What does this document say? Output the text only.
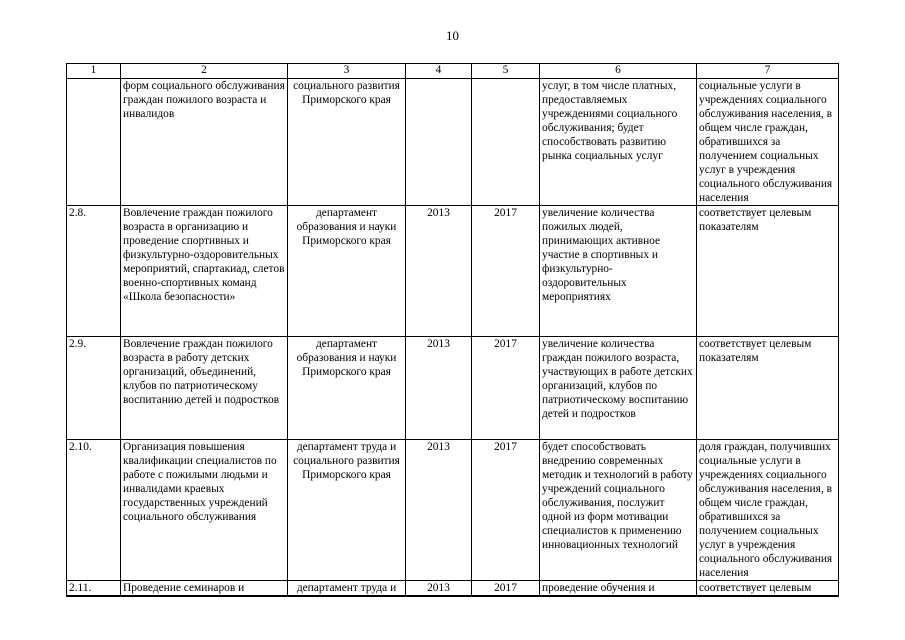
10
1	2	3	4	5	6	7
	форм социального обслуживания граждан пожилого возраста и инвалидов	социального развития Приморского края			услуг, в том числе платных, предоставляемых учреждениями социального обслуживания; будет способствовать развитию рынка социальных услуг	социальные услуги в учреждениях социального обслуживания населения, в общем числе граждан, обратившихся за получением социальных услуг в учреждения социального обслуживания населения
2.8.	Вовлечение граждан пожилого возраста в организацию и проведение спортивных и физкультурно-оздоровительных мероприятий, спартакиад, слетов военно-спортивных команд «Школа безопасности»	департамент образования и науки Приморского края	2013	2017	увеличение количества пожилых людей, принимающих активное участие в спортивных и физкультурно-оздоровительных мероприятиях	соответствует целевым показателям
2.9.	Вовлечение граждан пожилого возраста в работу детских организаций, объединений, клубов по патриотическому воспитанию детей и подростков	департамент образования и науки Приморского края	2013	2017	увеличение количества граждан пожилого возраста, участвующих в работе детских организаций, клубов по патриотическому воспитанию детей и подростков	соответствует целевым показателям
2.10.	Организация повышения квалификации специалистов по работе с пожилыми людьми и инвалидами краевых государственных учреждений социального обслуживания	департамент труда и социального развития Приморского края	2013	2017	будет способствовать внедрению современных методик и технологий в работу учреждений социального обслуживания, послужит одной из форм мотивации специалистов к применению инновационных технологий	доля граждан, получивших социальные услуги в учреждениях социального обслуживания населения, в общем числе граждан, обратившихся за получением социальных услуг в учреждения социального обслуживания населения
2.11.	Проведение семинаров и	департамент труда и	2013	2017	проведение обучения и	соответствует целевым
